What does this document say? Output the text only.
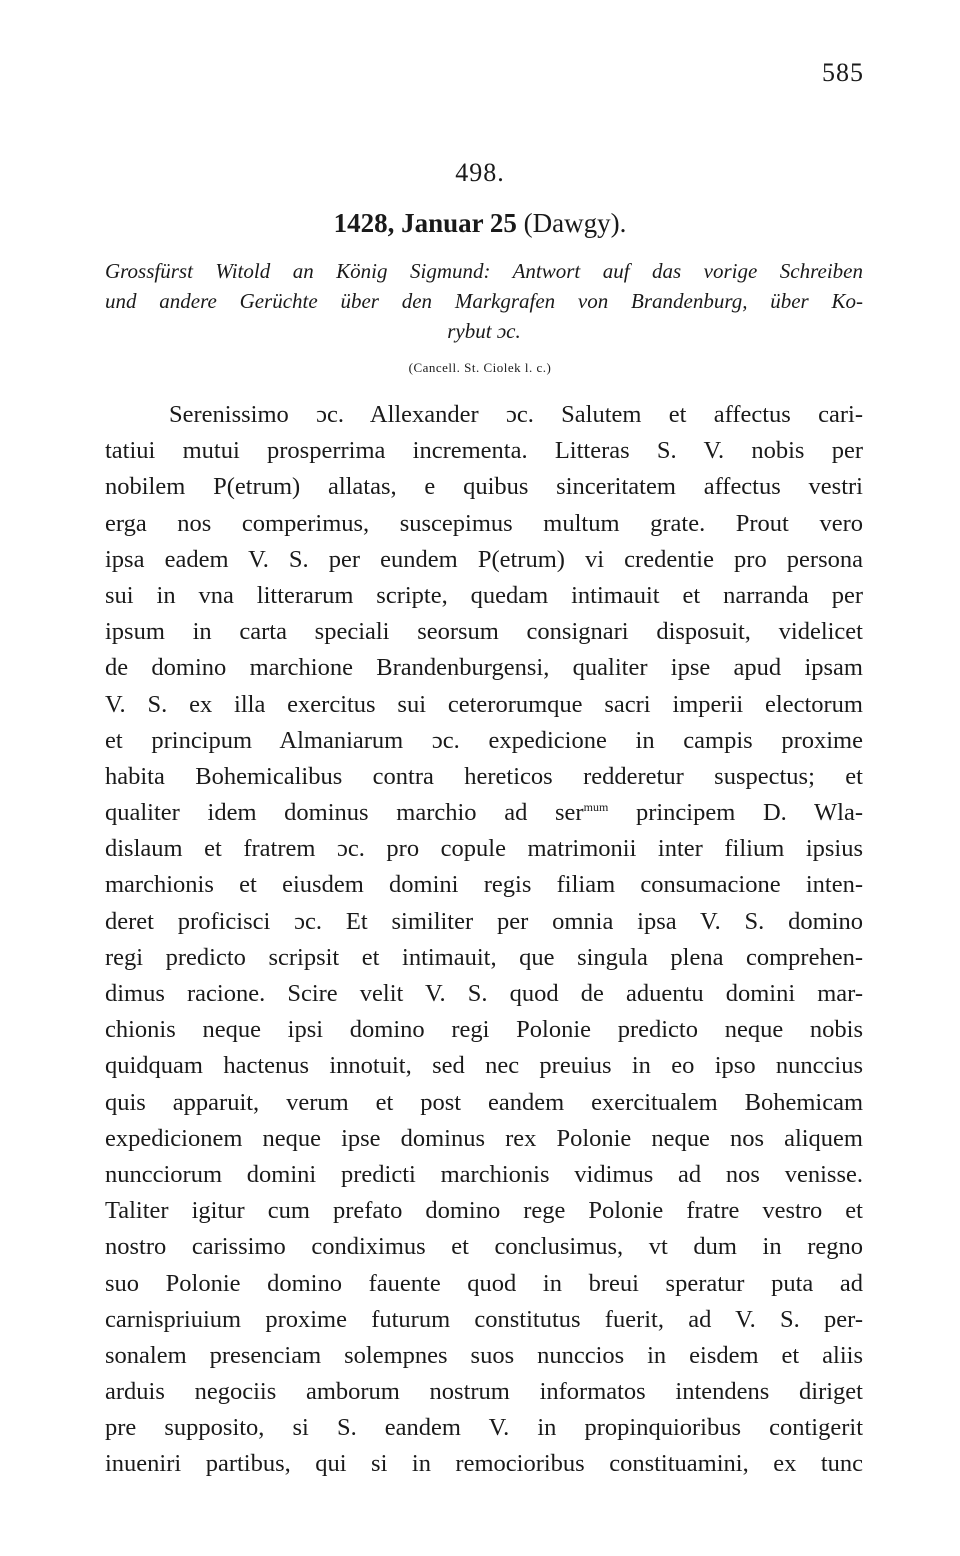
585
498.
1428, Januar 25 (Dawgy).
Grossfürst Witold an König Sigmund: Antwort auf das vorige Schreiben
und andere Gerüchte über den Markgrafen von Brandenburg, über Ko-
rybut ɔc.
(Cancell. St. Ciolek l. c.)
Serenissimo ɔc. Allexander ɔc. Salutem et affectus cari-
tatiui mutui prosperrima incrementa. Litteras S. V. nobis per
nobilem P(etrum) allatas, e quibus sinceritatem affectus vestri
erga nos comperimus, suscepimus multum grate. Prout vero
ipsa eadem V. S. per eundem P(etrum) vi credentie pro persona
sui in vna litterarum scripte, quedam intimauit et narranda per
ipsum in carta speciali seorsum consignari disposuit, videlicet
de domino marchione Brandenburgensi, qualiter ipse apud ipsam
V. S. ex illa exercitus sui ceterorumque sacri imperii electorum
et principum Almaniarum ɔc. expedicione in campis proxime
habita Bohemicalibus contra hereticos redderetur suspectus; et
qualiter idem dominus marchio ad ser$^{mum}$ principem D. Wla-
dislaum et fratrem ɔc. pro copule matrimonii inter filium ipsius
marchionis et eiusdem domini regis filiam consumacione inten-
deret proficisci ɔc. Et similiter per omnia ipsa V. S. domino
regi predicto scripsit et intimauit, que singula plena comprehen-
dimus racione. Scire velit V. S. quod de aduentu domini mar-
chionis neque ipsi domino regi Polonie predicto neque nobis
quidquam hactenus innotuit, sed nec preuius in eo ipso nunccius
quis apparuit, verum et post eandem exercitualem Bohemicam
expedicionem neque ipse dominus rex Polonie neque nos aliquem
nuncciorum domini predicti marchionis vidimus ad nos venisse.
Taliter igitur cum prefato domino rege Polonie fratre vestro et
nostro carissimo condiximus et conclusimus, vt dum in regno
suo Polonie domino fauente quod in breui speratur puta ad
carnispriuium proxime futurum constitutus fuerit, ad V. S. per-
sonalem presenciam solempnes suos nunccios in eisdem et aliis
arduis negociis amborum nostrum informatos intendens diriget
pre supposito, si S. eandem V. in propinquioribus contigerit
inueniri partibus, qui si in remocioribus constituamini, ex tunc
